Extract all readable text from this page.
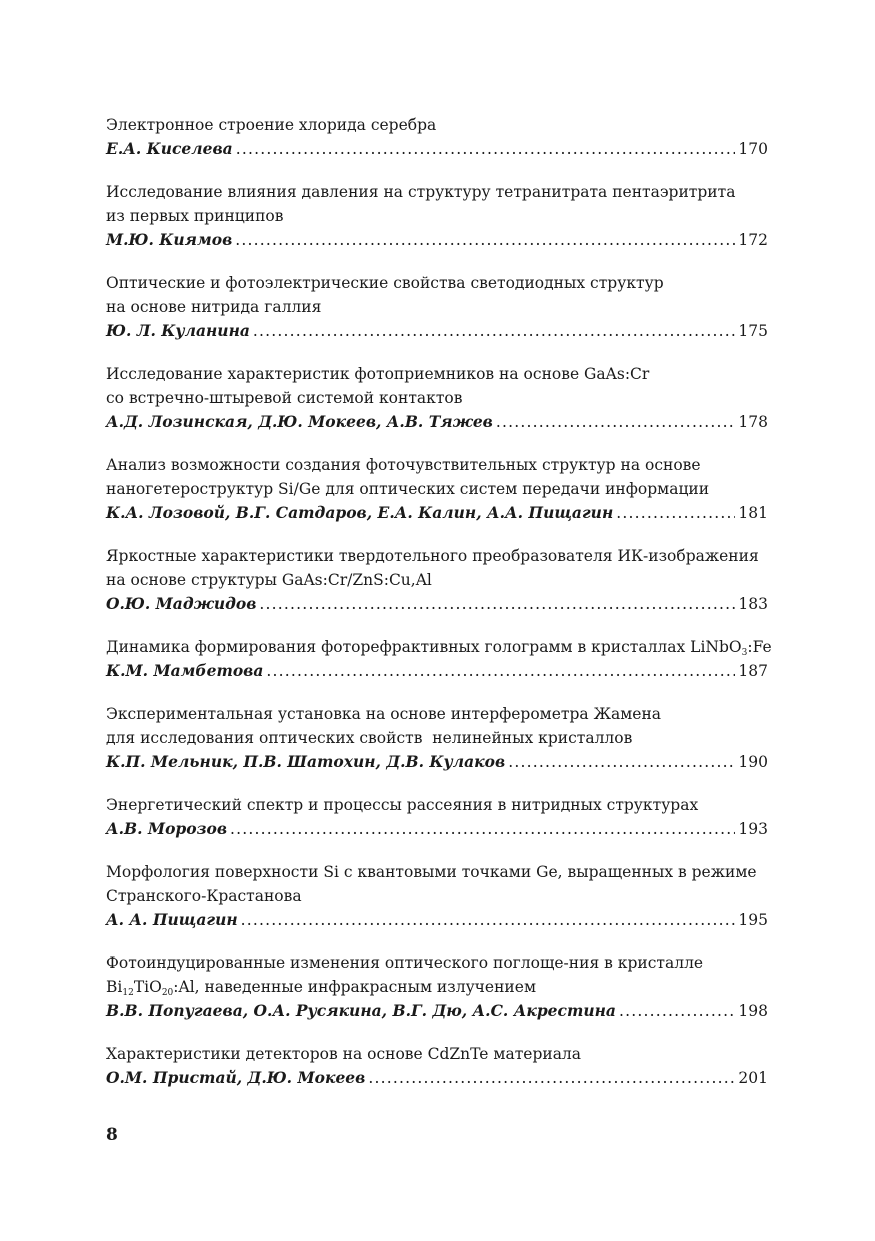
Электронное строение хлорида серебра
Е.А. Киселева .....	170
Исследование влияния давления на структуру тетранитрата пентаэритрита
из первых принципов
М.Ю. Киямов .....	172
Оптические и фотоэлектрические свойства светодиодных структур
на основе нитрида галлия
Ю. Л. Куланина .....	175
Исследование характеристик фотоприемников на основе GaAs:Cr
со встречно-штыревой системой контактов
А.Д. Лозинская, Д.Ю. Мокеев, А.В. Тяжев .....	178
Анализ возможности создания фоточувствительных структур на основе
наногетероструктур Si/Ge для оптических систем передачи информации
К.А. Лозовой, В.Г. Сатдаров, Е.А. Калин, А.А. Пищагин .....	181
Яркостные характеристики твердотельного преобразователя ИК-изображения
на основе структуры GaAs:Cr/ZnS:Cu,Al
О.Ю. Маджидов .....	183
Динамика формирования фоторефрактивных голограмм в кристаллах LiNbO$_3$:Fe
К.М. Мамбетова .....	187
Экспериментальная установка на основе интерферометра Жамена
для исследования оптических свойств  нелинейных кристаллов
К.П. Мельник, П.В. Шатохин, Д.В. Кулаков .....	190
Энергетический спектр и процессы рассеяния в нитридных структурах
А.В. Морозов .....	193
Морфология поверхности Si с квантовыми точками Ge, выращенных в режиме
Странского-Крастанова
А. А. Пищагин .....	195
Фотоиндуцированные изменения оптического поглоще-ния в кристалле
$Bi_{12}TiO_{20}:Al$, наведенные инфракрасным излучением
В.В. Попугаева, О.А. Русякина, В.Г. Дю, А.С. Акрестина .....	198
Характеристики детекторов на основе CdZnTe материала
О.М. Пристай, Д.Ю. Мокеев .....	201
8
